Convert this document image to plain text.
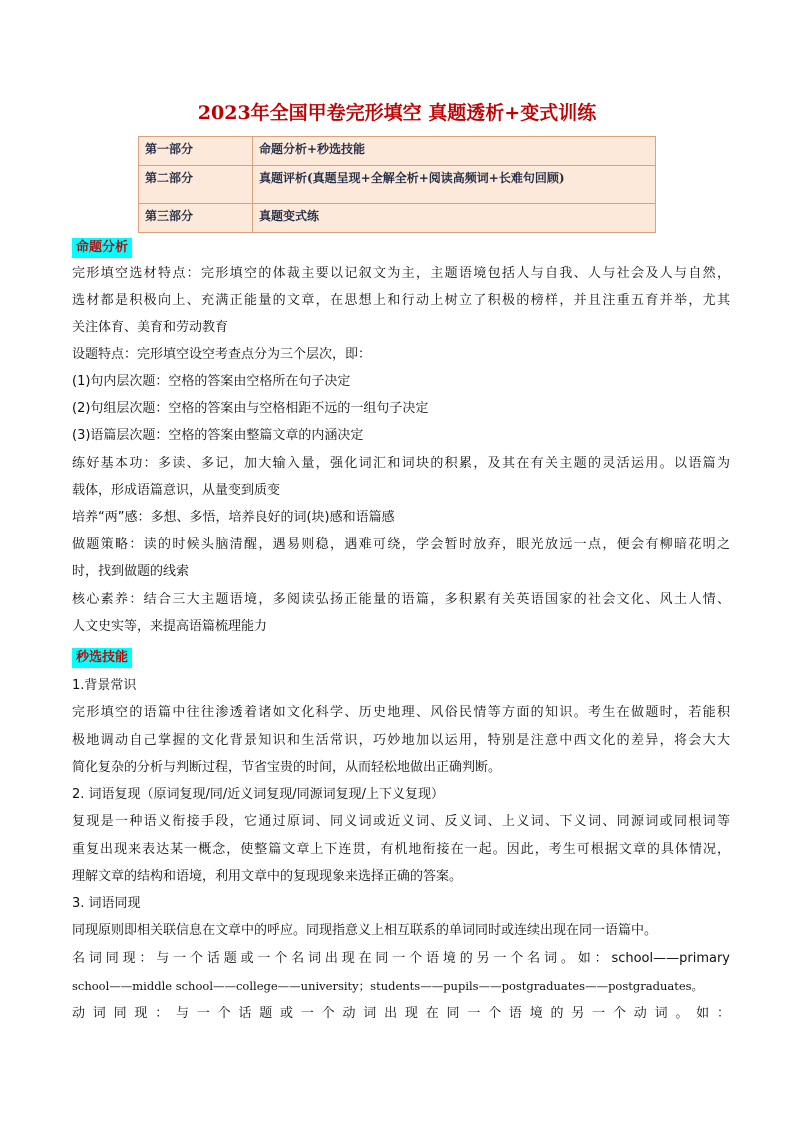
2023年全国甲卷完形填空 真题透析+变式训练
第一部分	命题分析+秒选技能
第二部分	真题评析(真题呈现+全解全析+阅读高频词+长难句回顾)
第三部分	真题变式练
命题分析
完形填空选材特点：完形填空的体裁主要以记叙文为主，主题语境包括人与自我、人与社会及人与自然，
选材都是积极向上、充满正能量的文章，在思想上和行动上树立了积极的榜样，并且注重五育并举，尤其
关注体育、美育和劳动教育
设题特点：完形填空设空考查点分为三个层次，即：
(1)句内层次题：空格的答案由空格所在句子决定
(2)句组层次题：空格的答案由与空格相距不远的一组句子决定
(3)语篇层次题：空格的答案由整篇文章的内涵决定
练好基本功：多读、多记，加大输入量，强化词汇和词块的积累，及其在有关主题的灵活运用。以语篇为
载体，形成语篇意识，从量变到质变
培养“两”感：多想、多悟，培养良好的词(块)感和语篇感
做题策略：读的时候头脑清醒，遇易则稳，遇难可绕，学会暂时放弃，眼光放远一点，便会有柳暗花明之
时，找到做题的线索
核心素养：结合三大主题语境，多阅读弘扬正能量的语篇，多积累有关英语国家的社会文化、风土人情、
人文史实等，来提高语篇梳理能力
秒选技能
1.背景常识
完形填空的语篇中往往渗透着诸如文化科学、历史地理、风俗民情等方面的知识。考生在做题时，若能积
极地调动自己掌握的文化背景知识和生活常识，巧妙地加以运用，特别是注意中西文化的差异，将会大大
简化复杂的分析与判断过程，节省宝贵的时间，从而轻松地做出正确判断。
2. 词语复现（原词复现/同/近义词复现/同源词复现/上下义复现）
复现是一种语义衔接手段，它通过原词、同义词或近义词、反义词、上义词、下义词、同源词或同根词等
重复出现来表达某一概念，使整篇文章上下连贯，有机地衔接在一起。因此，考生可根据文章的具体情况，
理解文章的结构和语境，利用文章中的复现现象来选择正确的答案。
3. 词语同现
同现原则即相关联信息在文章中的呼应。同现指意义上相互联系的单词同时或连续出现在同一语篇中。
名词同现：与一个话题或一个名词出现在同一个语境的另一个名词。如：school——primary
school——middle school——college——university；students——pupils——postgraduates——postgraduates。
动词同现：与一个话题或一个动词出现在同一个语境的另一个动词。如：
